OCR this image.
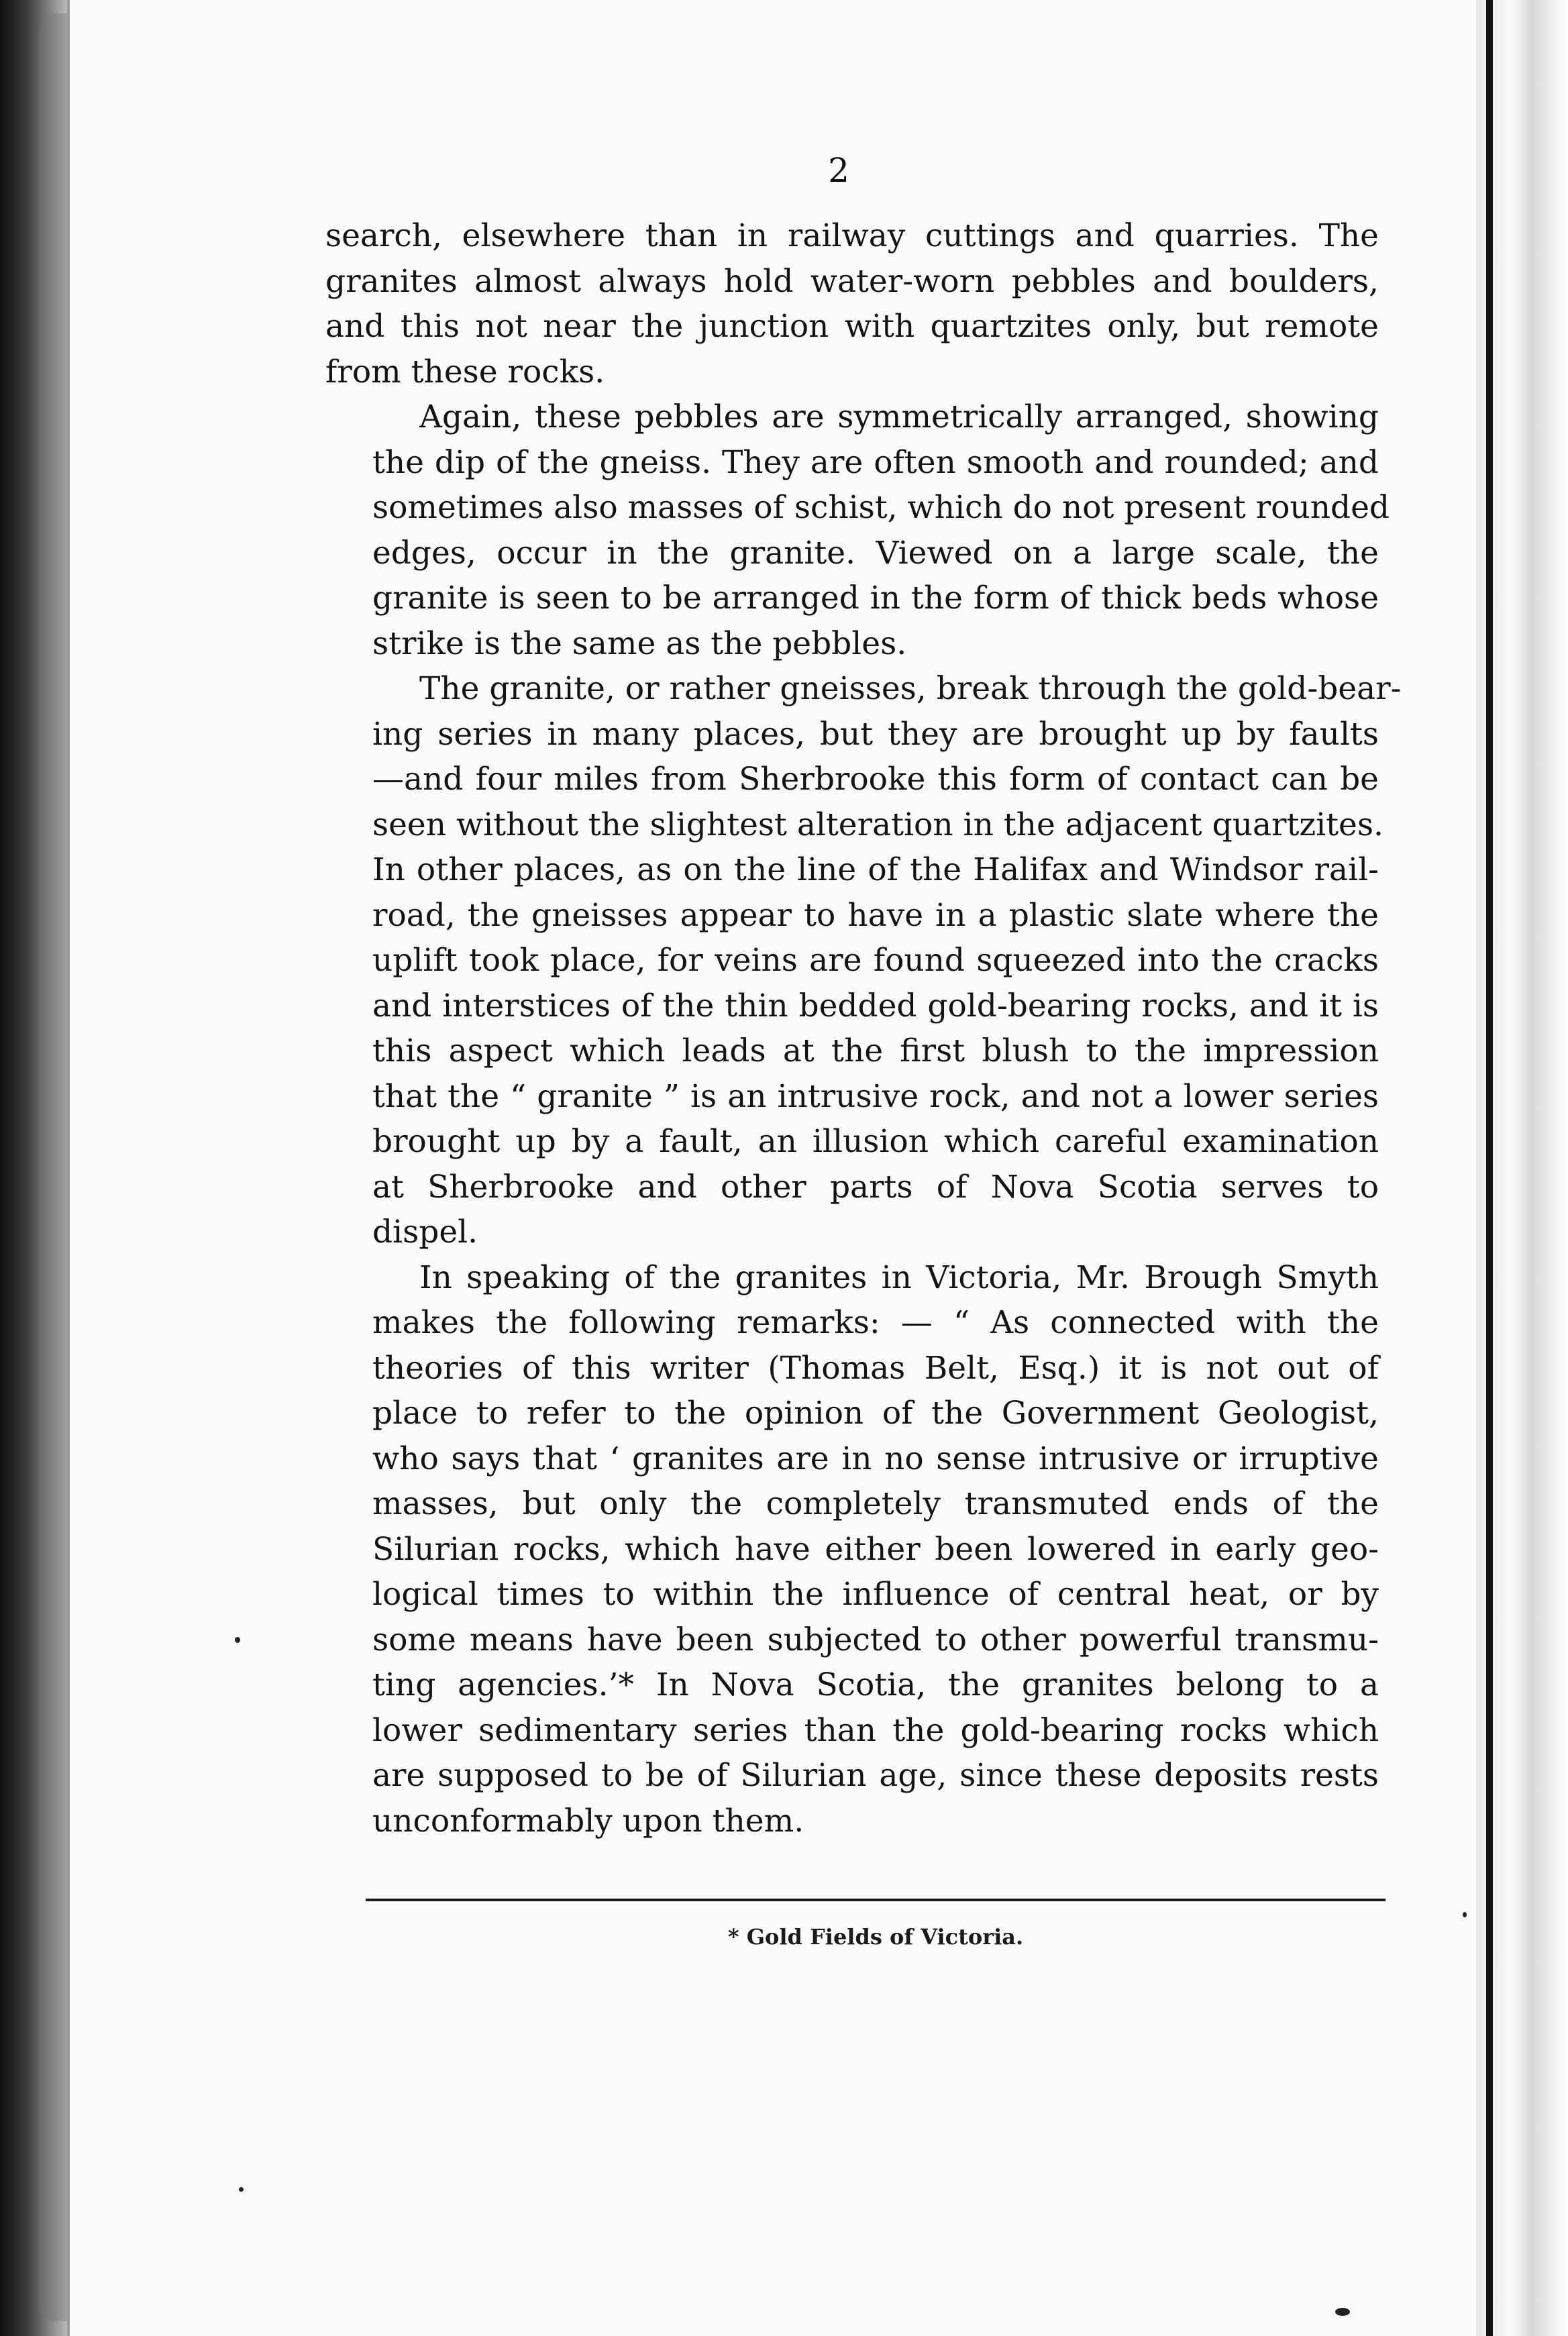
2

search, elsewhere than in railway cuttings and quarries. The
granites almost always hold water-worn pebbles and boulders,
and this not near the junction with quartzites only, but remote
from these rocks.

Again, these pebbles are symmetrically arranged, showing
the dip of the gneiss. They are often smooth and rounded; and
sometimes also masses of schist, which do not present rounded
edges, occur in the granite. Viewed on a large scale, the
granite is seen to be arranged in the form of thick beds whose
strike is the same as the pebbles.

The granite, or rather gneisses, break through the gold-bear-
ing series in many places, but they are brought up by faults
—and four miles from Sherbrooke this form of contact can be
seen without the slightest alteration in the adjacent quartzites.
In other places, as on the line of the Halifax and Windsor rail-
road, the gneisses appear to have in a plastic slate where the
uplift took place, for veins are found squeezed into the cracks
and interstices of the thin bedded gold-bearing rocks, and it is
this aspect which leads at the first blush to the impression
that the “ granite ” is an intrusive rock, and not a lower series
brought up by a fault, an illusion which careful examination
at Sherbrooke and other parts of Nova Scotia serves to
dispel.

In speaking of the granites in Victoria, Mr. Brough Smyth
makes the following remarks: — “ As connected with the
theories of this writer (Thomas Belt, Esq.) it is not out of
place to refer to the opinion of the Government Geologist,
who says that ‘ granites are in no sense intrusive or irruptive
masses, but only the completely transmuted ends of the
Silurian rocks, which have either been lowered in early geo-
logical times to within the influence of central heat, or by
some means have been subjected to other powerful transmu-
ting agencies.’* In Nova Scotia, the granites belong to a
lower sedimentary series than the gold-bearing rocks which
are supposed to be of Silurian age, since these deposits rests
unconformably upon them.

* Gold Fields of Victoria.
